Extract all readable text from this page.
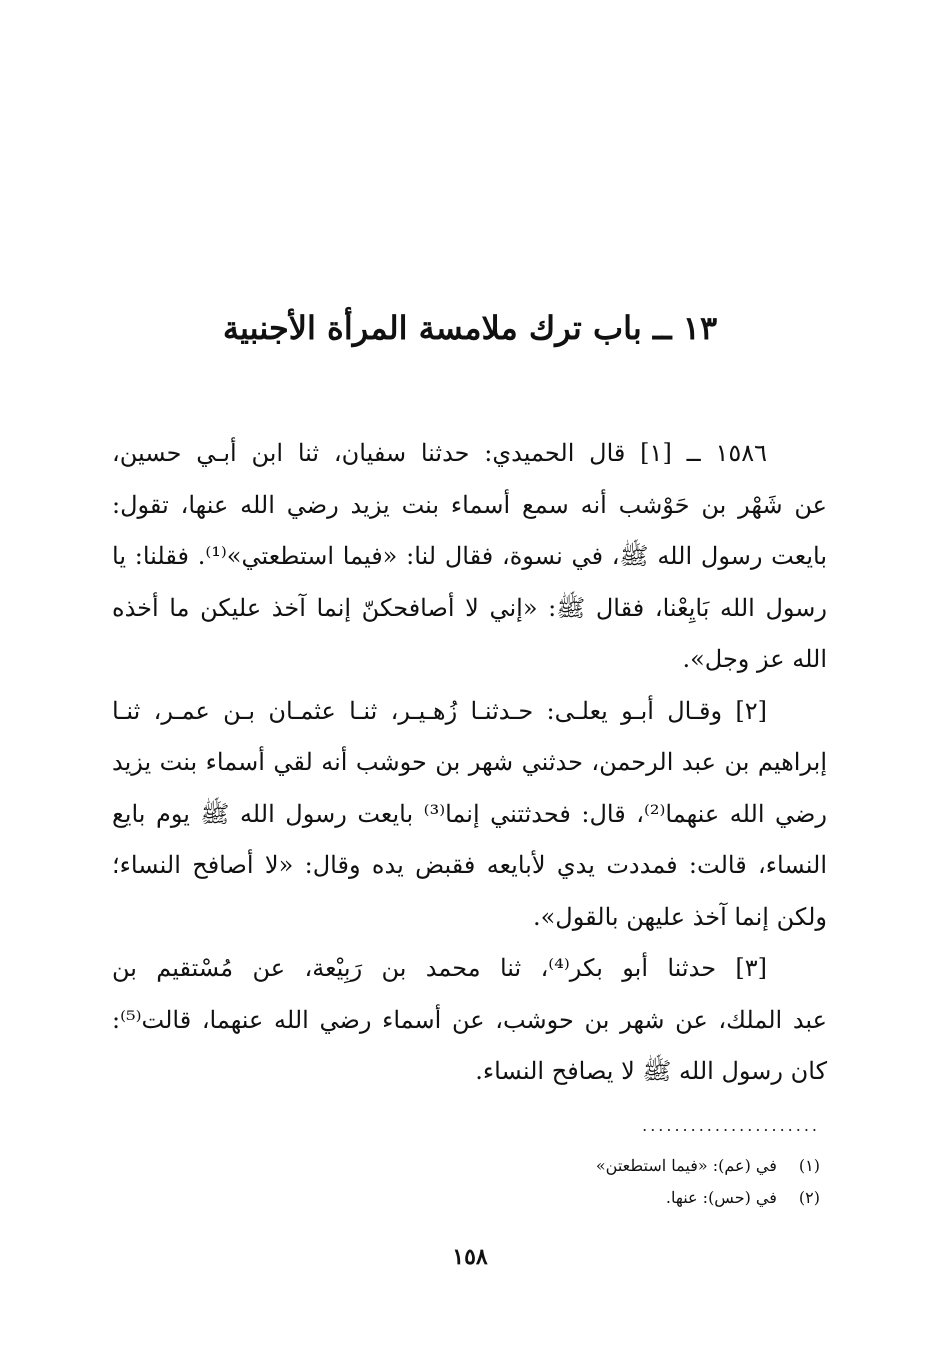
١٣ ــ باب ترك ملامسة المرأة الأجنبية

١٥٨٦ ــ [١] قال الحميدي: حدثنا سفيان، ثنا ابن أبـي حسين،
عن شَهْر بن حَوْشب أنه سمع أسماء بنت يزيد رضي الله عنها، تقول:
بايعت رسول الله ﷺ، في نسوة، فقال لنا: «فيما استطعتي»⁽¹⁾. فقلنا: يا
رسول الله بَايِعْنا، فقال ﷺ: «إني لا أصافحكنّ إنما آخذ عليكن ما أخذه
الله عز وجل».

[٢] وقـال أبـو يعلـى: حـدثنـا زُهـيـر، ثنـا عثمـان بـن عمـر، ثنـا
إبراهيم بن عبد الرحمن، حدثني شهر بن حوشب أنه لقي أسماء بنت يزيد
رضي الله عنهما⁽²⁾، قال: فحدثتني إنما⁽³⁾ بايعت رسول الله ﷺ يوم بايع
النساء، قالت: فمددت يدي لأبايعه فقبض يده وقال: «لا أصافح النساء؛
ولكن إنما آخذ عليهن بالقول».

[٣] حدثنا أبو بكر⁽⁴⁾، ثنا محمد بن رَبِيْعة، عن مُسْتقيم بن
عبد الملك، عن شهر بن حوشب، عن أسماء رضي الله عنهما، قالت⁽⁵⁾:
كان رسول الله ﷺ لا يصافح النساء.

......................
(١) في (عم): «فيما استطعتن»
(٢) في (حس): عنها.
١٥٨
